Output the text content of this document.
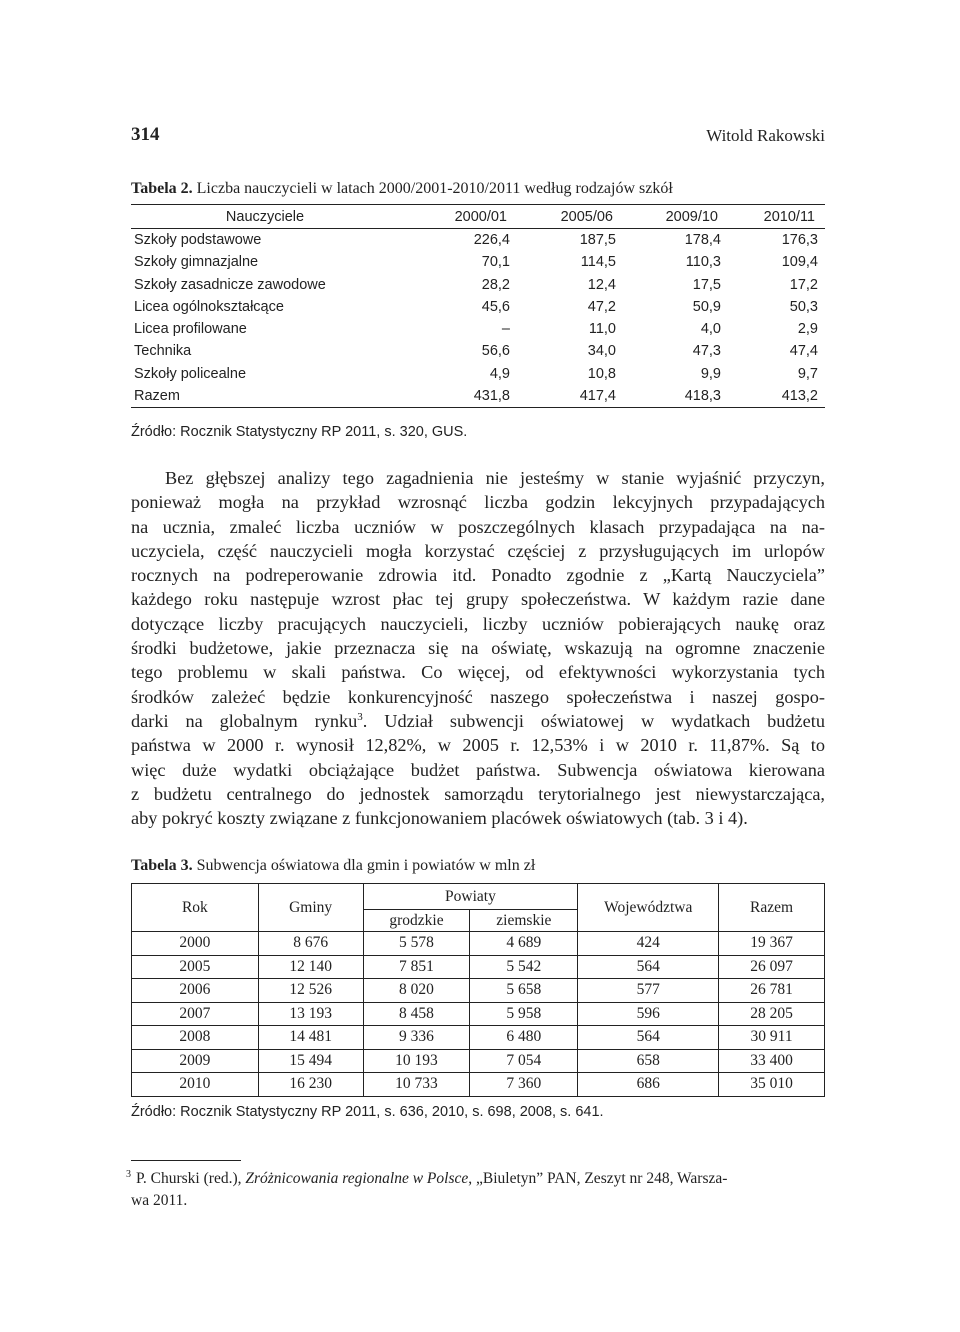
314	Witold Rakowski
Tabela 2. Liczba nauczycieli w latach 2000/2001-2010/2011 według rodzajów szkół
Nauczyciele	2000/01	2005/06	2009/10	2010/11
Szkoły podstawowe	226,4	187,5	178,4	176,3
Szkoły gimnazjalne	70,1	114,5	110,3	109,4
Szkoły zasadnicze zawodowe	28,2	12,4	17,5	17,2
Licea ogólnokształcące	45,6	47,2	50,9	50,3
Licea profilowane	–	11,0	4,0	2,9
Technika	56,6	34,0	47,3	47,4
Szkoły policealne	4,9	10,8	9,9	9,7
Razem	431,8	417,4	418,3	413,2
Źródło: Rocznik Statystyczny RP 2011, s. 320, GUS.
Bez głębszej analizy tego zagadnienia nie jesteśmy w stanie wyjaśnić przyczyn,
ponieważ mogła na przykład wzrosnąć liczba godzin lekcyjnych przypadających
na ucznia, zmaleć liczba uczniów w poszczególnych klasach przypadająca na na-
uczyciela, część nauczycieli mogła korzystać częściej z przysługujących im urlopów
rocznych na podreperowanie zdrowia itd. Ponadto zgodnie z „Kartą Nauczyciela”
każdego roku następuje wzrost płac tej grupy społeczeństwa. W każdym razie dane
dotyczące liczby pracujących nauczycieli, liczby uczniów pobierających naukę oraz
środki budżetowe, jakie przeznacza się na oświatę, wskazują na ogromne znaczenie
tego problemu w skali państwa. Co więcej, od efektywności wykorzystania tych
środków zależeć będzie konkurencyjność naszego społeczeństwa i naszej gospo-
darki na globalnym rynku$^3$. Udział subwencji oświatowej w wydatkach budżetu
państwa w 2000 r. wynosił 12,82%, w 2005 r. 12,53% i w 2010 r. 11,87%. Są to
więc duże wydatki obciążające budżet państwa. Subwencja oświatowa kierowana
z budżetu centralnego do jednostek samorządu terytorialnego jest niewystarczająca,
aby pokryć koszty związane z funkcjonowaniem placówek oświatowych (tab. 3 i 4).
Tabela 3. Subwencja oświatowa dla gmin i powiatów w mln zł
Rok	Gminy	Powiaty		Województwa	Razem
		grodzkie	ziemskie		
2000	8 676	5 578	4 689	424	19 367
2005	12 140	7 851	5 542	564	26 097
2006	12 526	8 020	5 658	577	26 781
2007	13 193	8 458	5 958	596	28 205
2008	14 481	9 336	6 480	564	30 911
2009	15 494	10 193	7 054	658	33 400
2010	16 230	10 733	7 360	686	35 010
Źródło: Rocznik Statystyczny RP 2011, s. 636, 2010, s. 698, 2008, s. 641.
3 P. Churski (red.), Zróżnicowania regionalne w Polsce, „Biuletyn” PAN, Zeszyt nr 248, Warsza-
wa 2011.
